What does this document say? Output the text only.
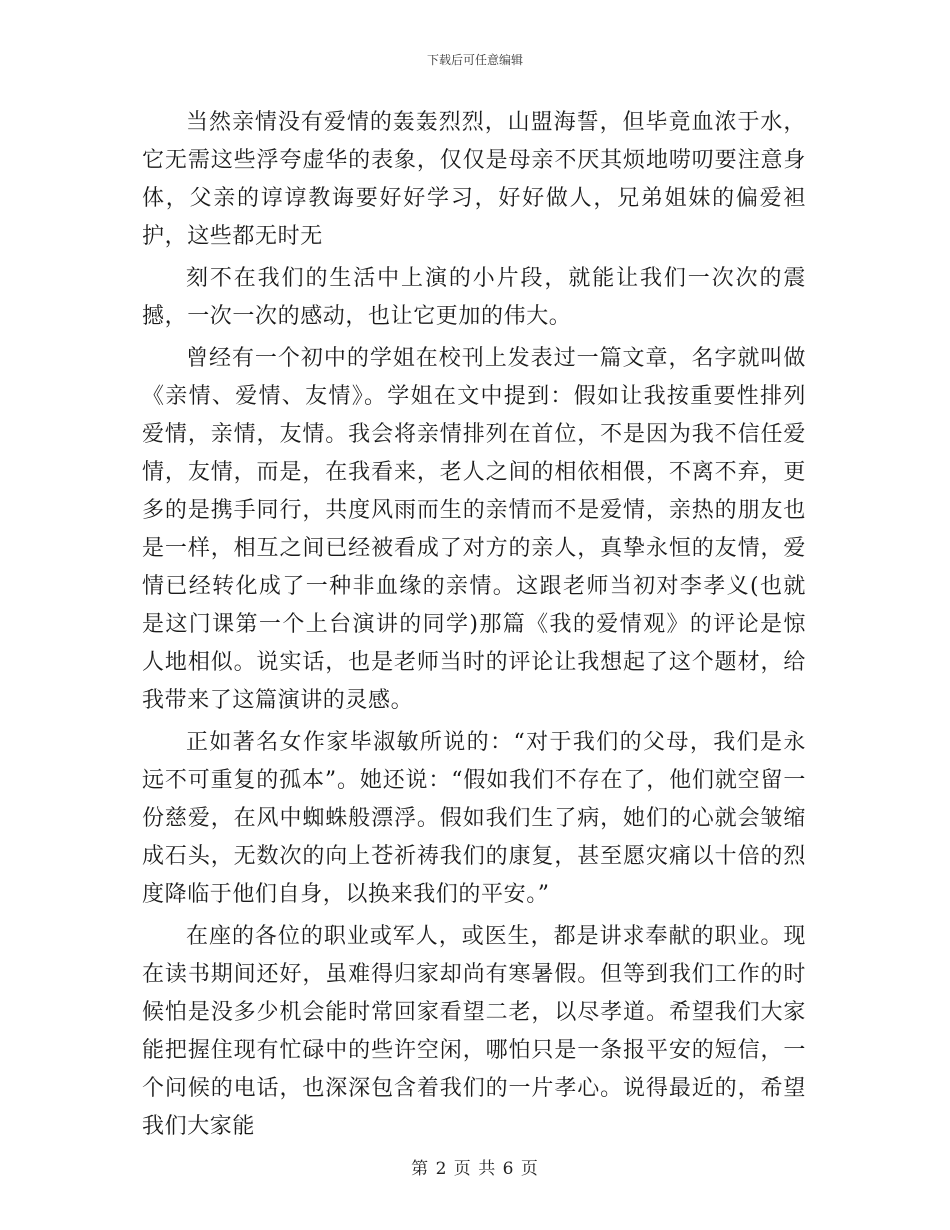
下载后可任意编辑

当然亲情没有爱情的轰轰烈烈，山盟海誓，但毕竟血浓于水，它无需这些浮夸虚华的表象，仅仅是母亲不厌其烦地唠叨要注意身体，父亲的谆谆教诲要好好学习，好好做人，兄弟姐妹的偏爱袒护，这些都无时无

刻不在我们的生活中上演的小片段，就能让我们一次次的震撼，一次一次的感动，也让它更加的伟大。

曾经有一个初中的学姐在校刊上发表过一篇文章，名字就叫做《亲情、爱情、友情》。学姐在文中提到：假如让我按重要性排列爱情，亲情，友情。我会将亲情排列在首位，不是因为我不信任爱情，友情，而是，在我看来，老人之间的相依相偎，不离不弃，更多的是携手同行，共度风雨而生的亲情而不是爱情，亲热的朋友也是一样，相互之间已经被看成了对方的亲人，真挚永恒的友情，爱情已经转化成了一种非血缘的亲情。这跟老师当初对李孝义(也就是这门课第一个上台演讲的同学)那篇《我的爱情观》的评论是惊人地相似。说实话，也是老师当时的评论让我想起了这个题材，给我带来了这篇演讲的灵感。

正如著名女作家毕淑敏所说的：“对于我们的父母，我们是永远不可重复的孤本”。她还说：“假如我们不存在了，他们就空留一份慈爱，在风中蜘蛛般漂浮。假如我们生了病，她们的心就会皱缩成石头，无数次的向上苍祈祷我们的康复，甚至愿灾痛以十倍的烈度降临于他们自身，以换来我们的平安。”

在座的各位的职业或军人，或医生，都是讲求奉献的职业。现在读书期间还好，虽难得归家却尚有寒暑假。但等到我们工作的时候怕是没多少机会能时常回家看望二老，以尽孝道。希望我们大家能把握住现有忙碌中的些许空闲，哪怕只是一条报平安的短信，一个问候的电话，也深深包含着我们的一片孝心。说得最近的，希望我们大家能

第 2 页 共 6 页
